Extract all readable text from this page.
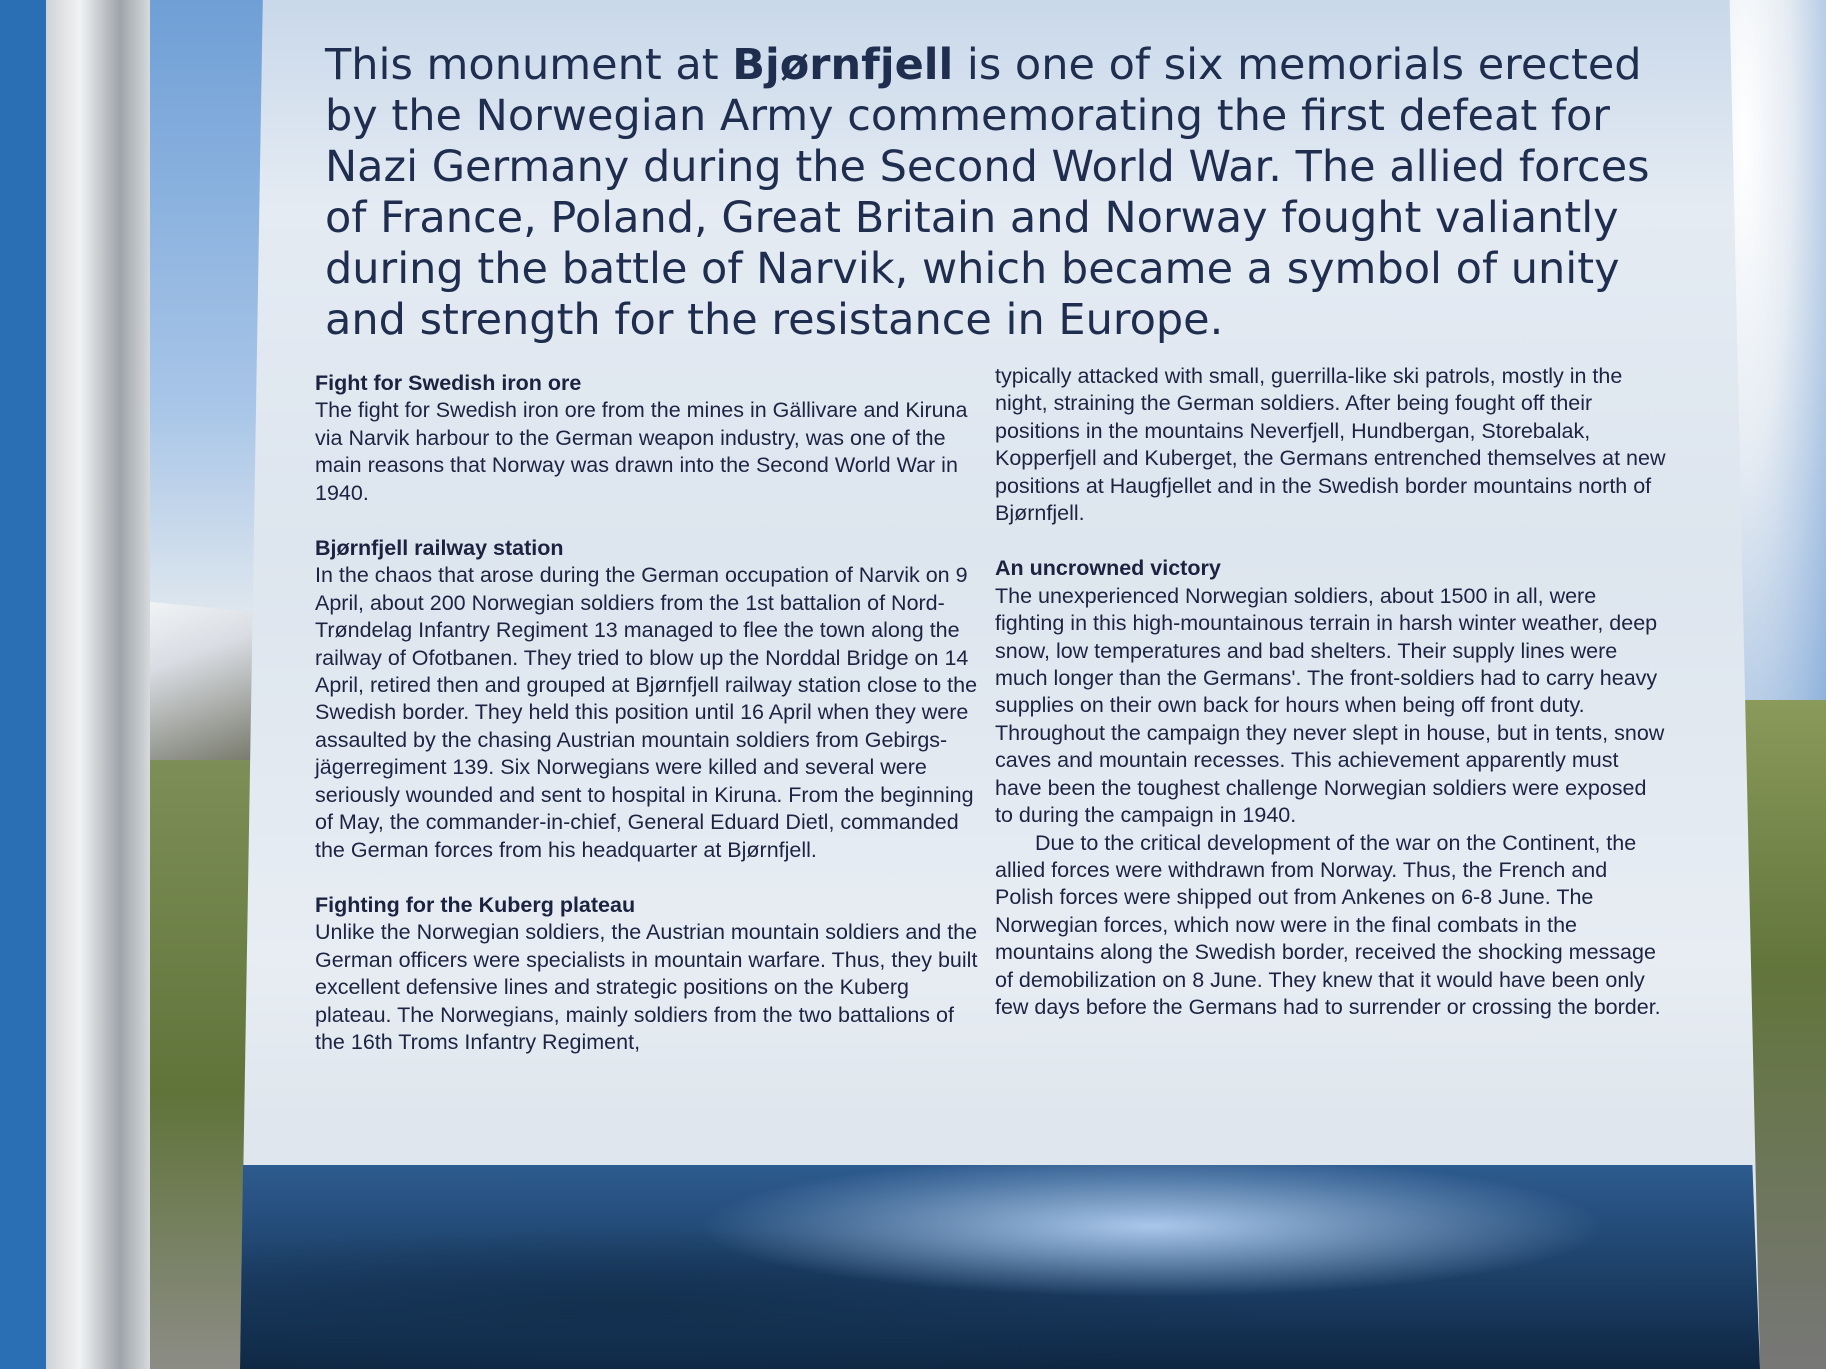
This monument at Bjørnfjell is one of six memorials erected by the Norwegian Army commemorating the first defeat for Nazi Germany during the Second World War. The allied forces of France, Poland, Great Britain and Norway fought valiantly during the battle of Narvik, which became a symbol of unity and strength for the resistance in Europe.

Fight for Swedish iron ore

The fight for Swedish iron ore from the mines in Gällivare and Kiruna via Narvik harbour to the German weapon industry, was one of the main reasons that Norway was drawn into the Second World War in 1940.

Bjørnfjell railway station

In the chaos that arose during the German occupation of Narvik on 9 April, about 200 Norwegian soldiers from the 1st battalion of Nord-Trøndelag Infantry Regiment 13 managed to flee the town along the railway of Ofotbanen. They tried to blow up the Norddal Bridge on 14 April, retired then and grouped at Bjørnfjell railway station close to the Swedish border. They held this position until 16 April when they were assaulted by the chasing Austrian mountain soldiers from Gebirgs-jägerregiment 139. Six Norwegians were killed and several were seriously wounded and sent to hospital in Kiruna. From the beginning of May, the commander-in-chief, General Eduard Dietl, commanded the German forces from his headquarter at Bjørnfjell.

Fighting for the Kuberg plateau

Unlike the Norwegian soldiers, the Austrian mountain soldiers and the German officers were specialists in mountain warfare. Thus, they built excellent defensive lines and strategic positions on the Kuberg plateau. The Norwegians, mainly soldiers from the two battalions of the 16th Troms Infantry Regiment,

typically attacked with small, guerrilla-like ski patrols, mostly in the night, straining the German soldiers. After being fought off their positions in the mountains Neverfjell, Hundbergan, Storebalak, Kopperfjell and Kuberget, the Germans entrenched themselves at new positions at Haugfjellet and in the Swedish border mountains north of Bjørnfjell.

An uncrowned victory

The unexperienced Norwegian soldiers, about 1500 in all, were fighting in this high-mountainous terrain in harsh winter weather, deep snow, low temperatures and bad shelters. Their supply lines were much longer than the Germans'. The front-soldiers had to carry heavy supplies on their own back for hours when being off front duty. Throughout the campaign they never slept in house, but in tents, snow caves and mountain recesses. This achievement apparently must have been the toughest challenge Norwegian soldiers were exposed to during the campaign in 1940.

Due to the critical development of the war on the Continent, the allied forces were withdrawn from Norway. Thus, the French and Polish forces were shipped out from Ankenes on 6-8 June. The Norwegian forces, which now were in the final combats in the mountains along the Swedish border, received the shocking message of demobilization on 8 June. They knew that it would have been only few days before the Germans had to surrender or crossing the border.
